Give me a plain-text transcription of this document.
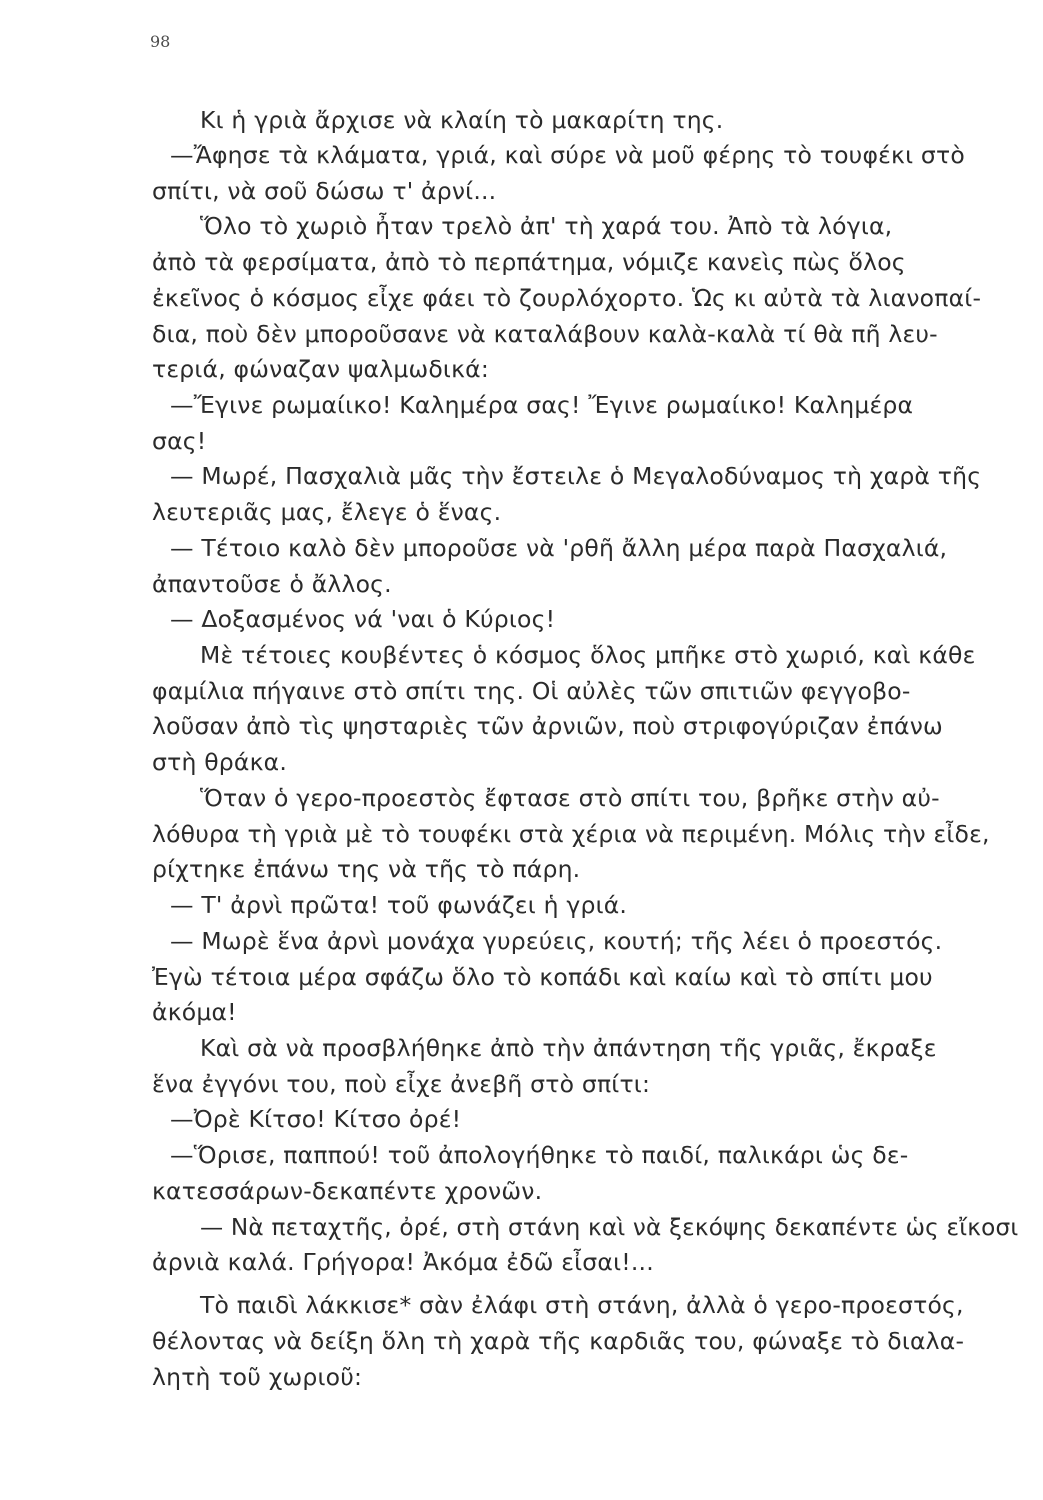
98
Κι ἡ γριὰ ἄρχισε νὰ κλαίη τὸ μακαρίτη της.
—Ἄφησε τὰ κλάματα, γριά, καὶ σύρε νὰ μοῦ φέρης τὸ τουφέκι στὸ
σπίτι, νὰ σοῦ δώσω τ' ἀρνί...
Ὅλο τὸ χωριὸ ἦταν τρελὸ ἀπ' τὴ χαρά του. Ἀπὸ τὰ λόγια,
ἀπὸ τὰ φερσίματα, ἀπὸ τὸ περπάτημα, νόμιζε κανεὶς πὼς ὅλος
ἐκεῖνος ὁ κόσμος εἶχε φάει τὸ ζουρλόχορτο. Ὡς κι αὐτὰ τὰ λιανοπαί-
δια, ποὺ δὲν μποροῦσανε νὰ καταλάβουν καλὰ-καλὰ τί θὰ πῆ λευ-
τεριά, φώναζαν ψαλμωδικά:
—Ἔγινε ρωμαίικο! Καλημέρα σας! Ἔγινε ρωμαίικο! Καλημέρα
σας!
— Μωρέ, Πασχαλιὰ μᾶς τὴν ἔστειλε ὁ Μεγαλοδύναμος τὴ χαρὰ τῆς
λευτεριᾶς μας, ἔλεγε ὁ ἕνας.
— Τέτοιο καλὸ δὲν μποροῦσε νὰ 'ρθῆ ἄλλη μέρα παρὰ Πασχαλιά,
ἀπαντοῦσε ὁ ἄλλος.
— Δοξασμένος νά 'ναι ὁ Κύριος!
Μὲ τέτοιες κουβέντες ὁ κόσμος ὅλος μπῆκε στὸ χωριό, καὶ κάθε
φαμίλια πήγαινε στὸ σπίτι της. Οἱ αὐλὲς τῶν σπιτιῶν φεγγοβο-
λοῦσαν ἀπὸ τὶς ψησταριὲς τῶν ἀρνιῶν, ποὺ στριφογύριζαν ἐπάνω
στὴ θράκα.
Ὅταν ὁ γερο-προεστὸς ἔφτασε στὸ σπίτι του, βρῆκε στὴν αὐ-
λόθυρα τὴ γριὰ μὲ τὸ τουφέκι στὰ χέρια νὰ περιμένη. Μόλις τὴν εἶδε,
ρίχτηκε ἐπάνω της νὰ τῆς τὸ πάρη.
— Τ' ἀρνὶ πρῶτα! τοῦ φωνάζει ἡ γριά.
— Μωρὲ ἕνα ἀρνὶ μονάχα γυρεύεις, κουτή; τῆς λέει ὁ προεστός.
Ἐγὼ τέτοια μέρα σφάζω ὅλο τὸ κοπάδι καὶ καίω καὶ τὸ σπίτι μου
ἀκόμα!
Καὶ σὰ νὰ προσβλήθηκε ἀπὸ τὴν ἀπάντηση τῆς γριᾶς, ἔκραξε
ἕνα ἐγγόνι του, ποὺ εἶχε ἀνεβῆ στὸ σπίτι:
—Ὀρὲ Κίτσο! Κίτσο ὀρέ!
—Ὅρισε, παππού! τοῦ ἀπολογήθηκε τὸ παιδί, παλικάρι ὡς δε-
κατεσσάρων-δεκαπέντε χρονῶν.
— Νὰ πεταχτῆς, ὀρέ, στὴ στάνη καὶ νὰ ξεκόψης δεκαπέντε ὡς εἴκοσι
ἀρνιὰ καλά. Γρήγορα! Ἀκόμα ἐδῶ εἶσαι!...
Τὸ παιδὶ λάκκισε* σὰν ἐλάφι στὴ στάνη, ἀλλὰ ὁ γερο-προεστός,
θέλοντας νὰ δείξη ὅλη τὴ χαρὰ τῆς καρδιᾶς του, φώναξε τὸ διαλα-
λητὴ τοῦ χωριοῦ:
